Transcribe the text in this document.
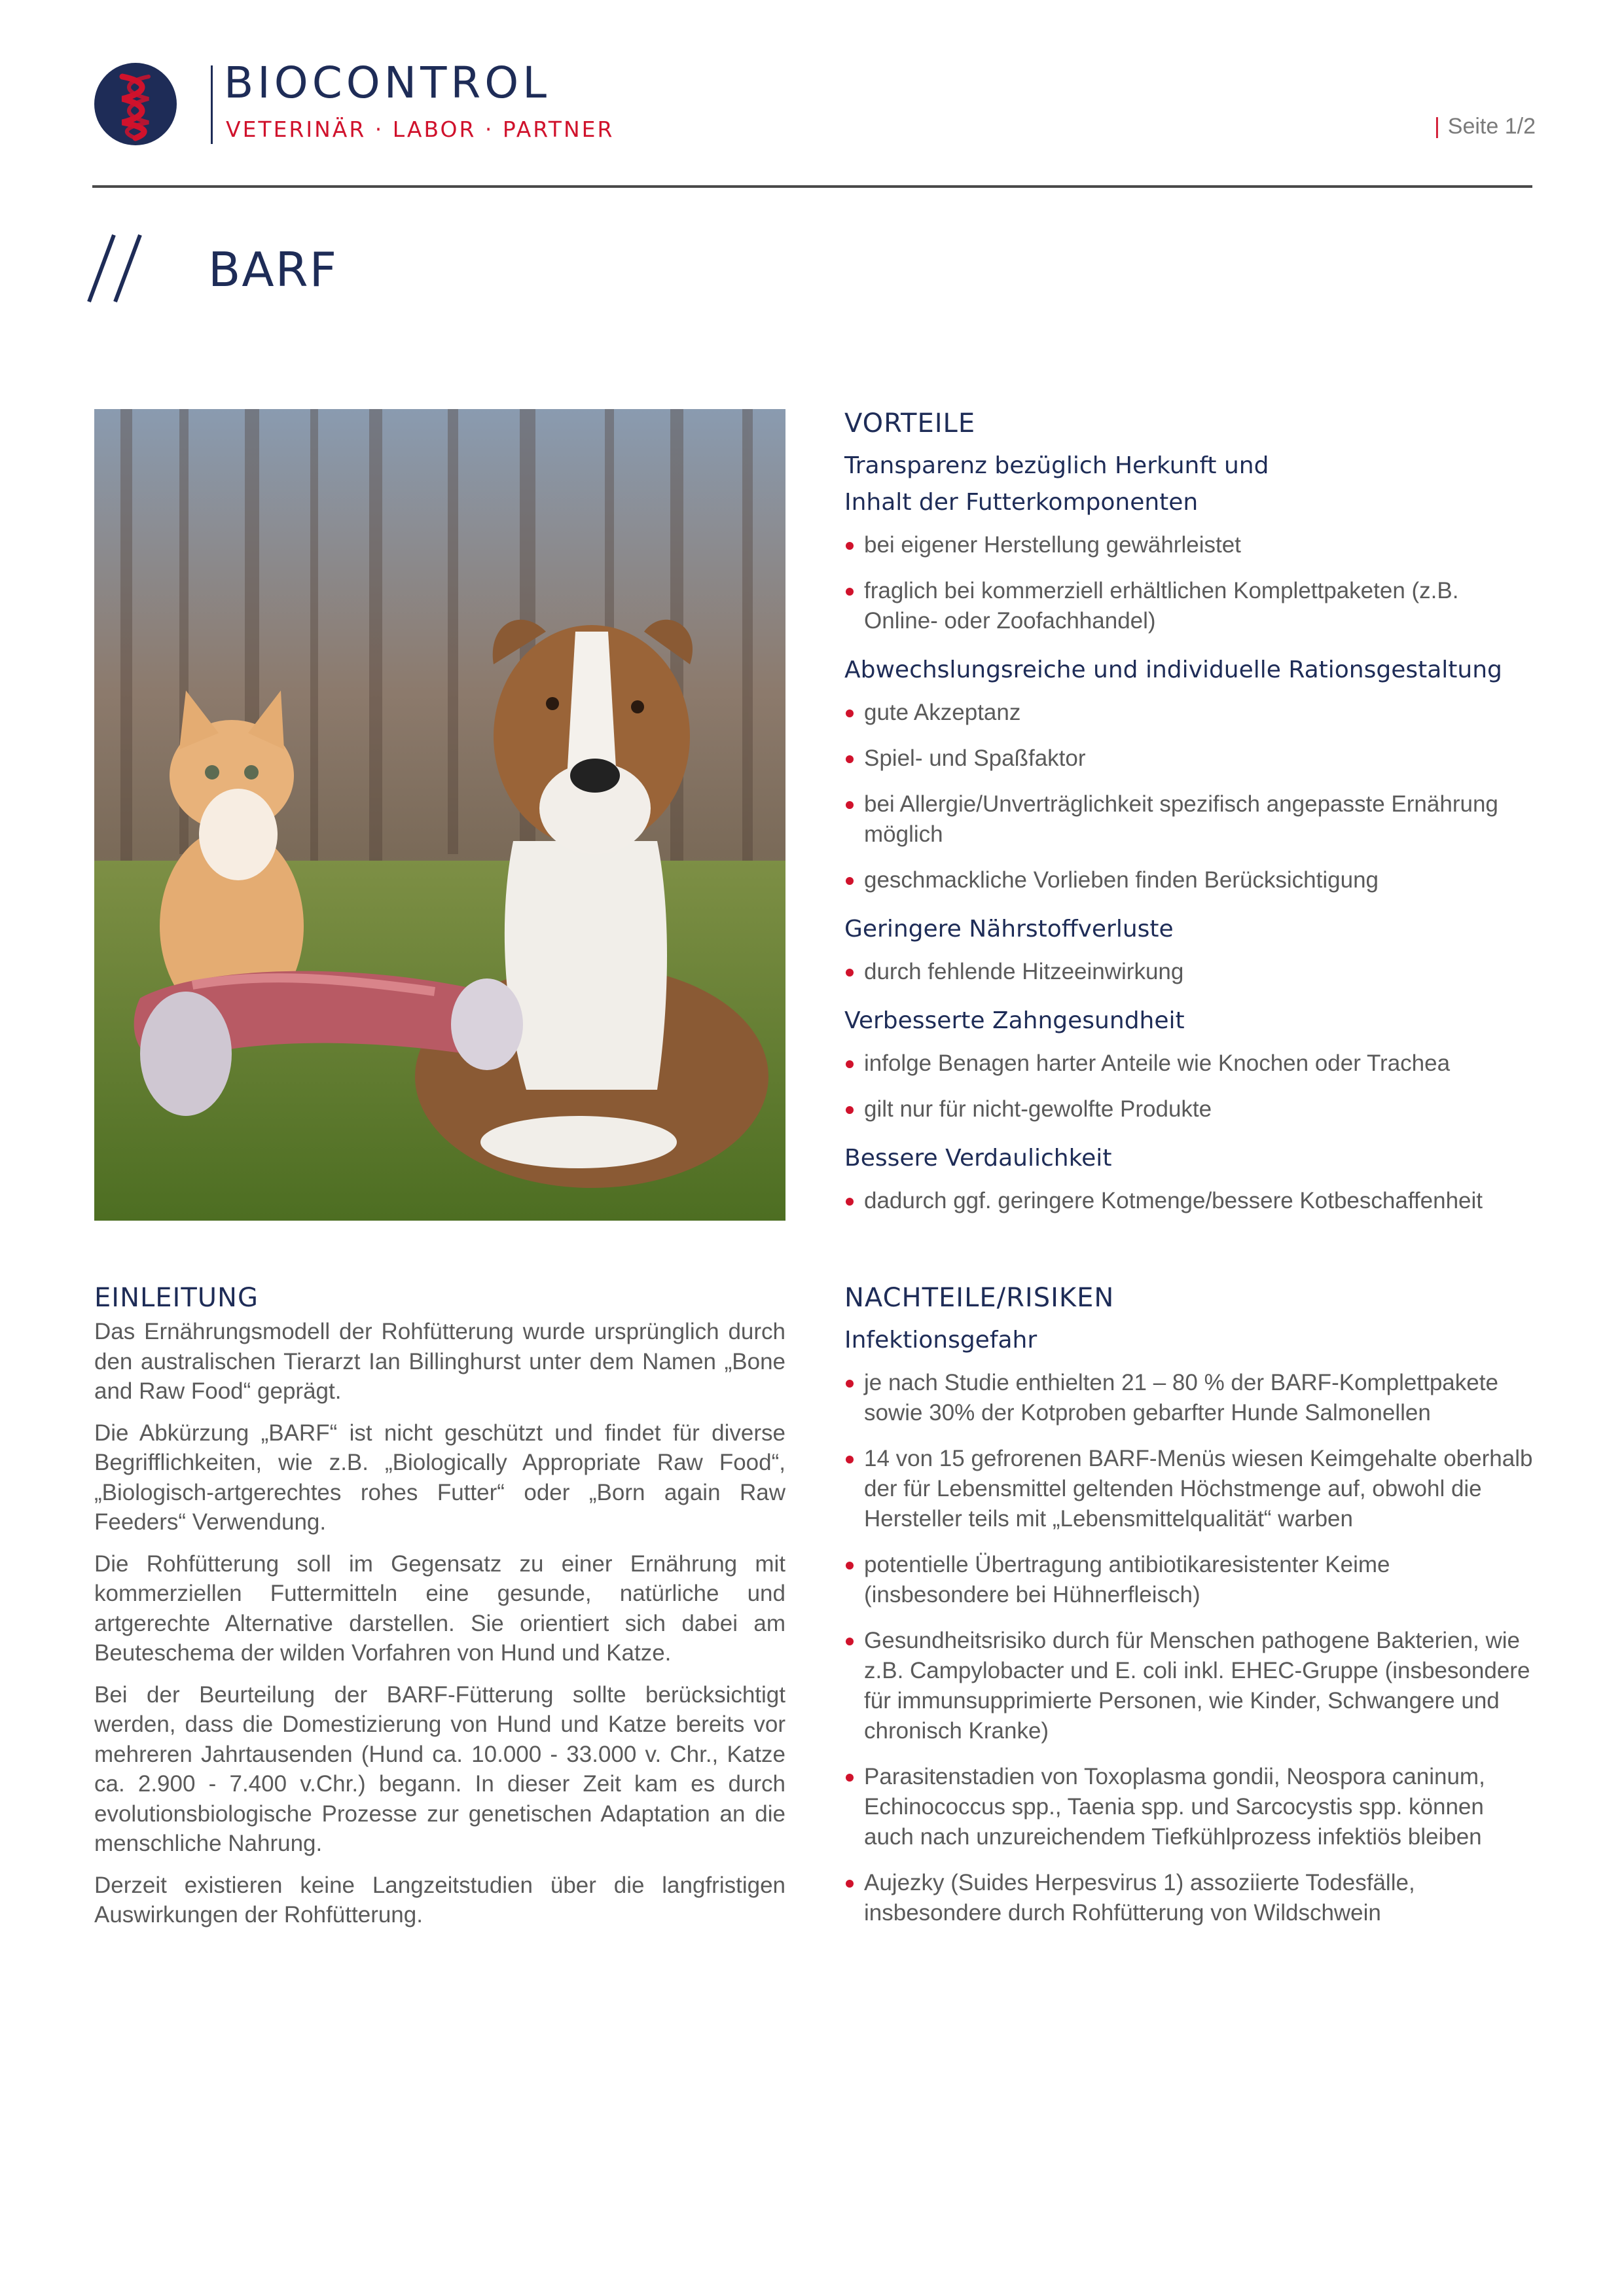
BIOCONTROL
VETERINÄR · LABOR · PARTNER	| Seite 1/2
BARF
VORTEILE
Transparenz bezüglich Herkunft und
Inhalt der Futterkomponenten
bei eigener Herstellung gewährleistet
fraglich bei kommerziell erhältlichen Komplettpaketen (z.B. Online- oder Zoofachhandel)
Abwechslungsreiche und individuelle Rationsgestaltung
gute Akzeptanz
Spiel- und Spaßfaktor
bei Allergie/Unverträglichkeit spezifisch angepasste Ernährung möglich
geschmackliche Vorlieben finden Berücksichtigung
Geringere Nährstoffverluste
durch fehlende Hitzeeinwirkung
Verbesserte Zahngesundheit
infolge Benagen harter Anteile wie Knochen oder Trachea
gilt nur für nicht-gewolfte Produkte
Bessere Verdaulichkeit
dadurch ggf. geringere Kotmenge/bessere Kotbeschaffenheit
EINLEITUNG

Das Ernährungsmodell der Rohfütterung wurde ursprünglich durch den australischen Tierarzt Ian Billinghurst unter dem Namen „Bone and Raw Food“ geprägt.

Die Abkürzung „BARF“ ist nicht geschützt und findet für diverse Begrifflichkeiten, wie z.B. „Biologically Appropriate Raw Food“, „Biologisch-artgerechtes rohes Futter“ oder „Born again Raw Feeders“ Verwendung.

Die Rohfütterung soll im Gegensatz zu einer Ernährung mit kommerziellen Futtermitteln eine gesunde, natürliche und artgerechte Alternative darstellen. Sie orientiert sich dabei am Beuteschema der wilden Vorfahren von Hund und Katze.

Bei der Beurteilung der BARF-Fütterung sollte berücksichtigt werden, dass die Domestizierung von Hund und Katze bereits vor mehreren Jahrtausenden (Hund ca. 10.000 - 33.000 v. Chr., Katze ca. 2.900 - 7.400 v.Chr.) begann. In dieser Zeit kam es durch evolutionsbiologische Prozesse zur genetischen Adaptation an die menschliche Nahrung.

Derzeit existieren keine Langzeitstudien über die langfristigen Auswirkungen der Rohfütterung.

NACHTEILE/RISIKEN
Infektionsgefahr
je nach Studie enthielten 21 – 80 % der BARF-Komplettpakete sowie 30% der Kotproben gebarfter Hunde Salmonellen
14 von 15 gefrorenen BARF-Menüs wiesen Keimgehalte oberhalb der für Lebensmittel geltenden Höchstmenge auf, obwohl die Hersteller teils mit „Lebensmittelqualität“ warben
potentielle Übertragung antibiotikaresistenter Keime (insbesondere bei Hühnerfleisch)
Gesundheitsrisiko durch für Menschen pathogene Bakterien, wie z.B. Campylobacter und E. coli inkl. EHEC-Gruppe (insbesondere für immunsupprimierte Personen, wie Kinder, Schwangere und chronisch Kranke)
Parasitenstadien von Toxoplasma gondii, Neospora caninum, Echinococcus spp., Taenia spp. und Sarcocystis spp. können auch nach unzureichendem Tiefkühlprozess infektiös bleiben
Aujezky (Suides Herpesvirus 1) assoziierte Todesfälle, insbesondere durch Rohfütterung von Wildschwein
